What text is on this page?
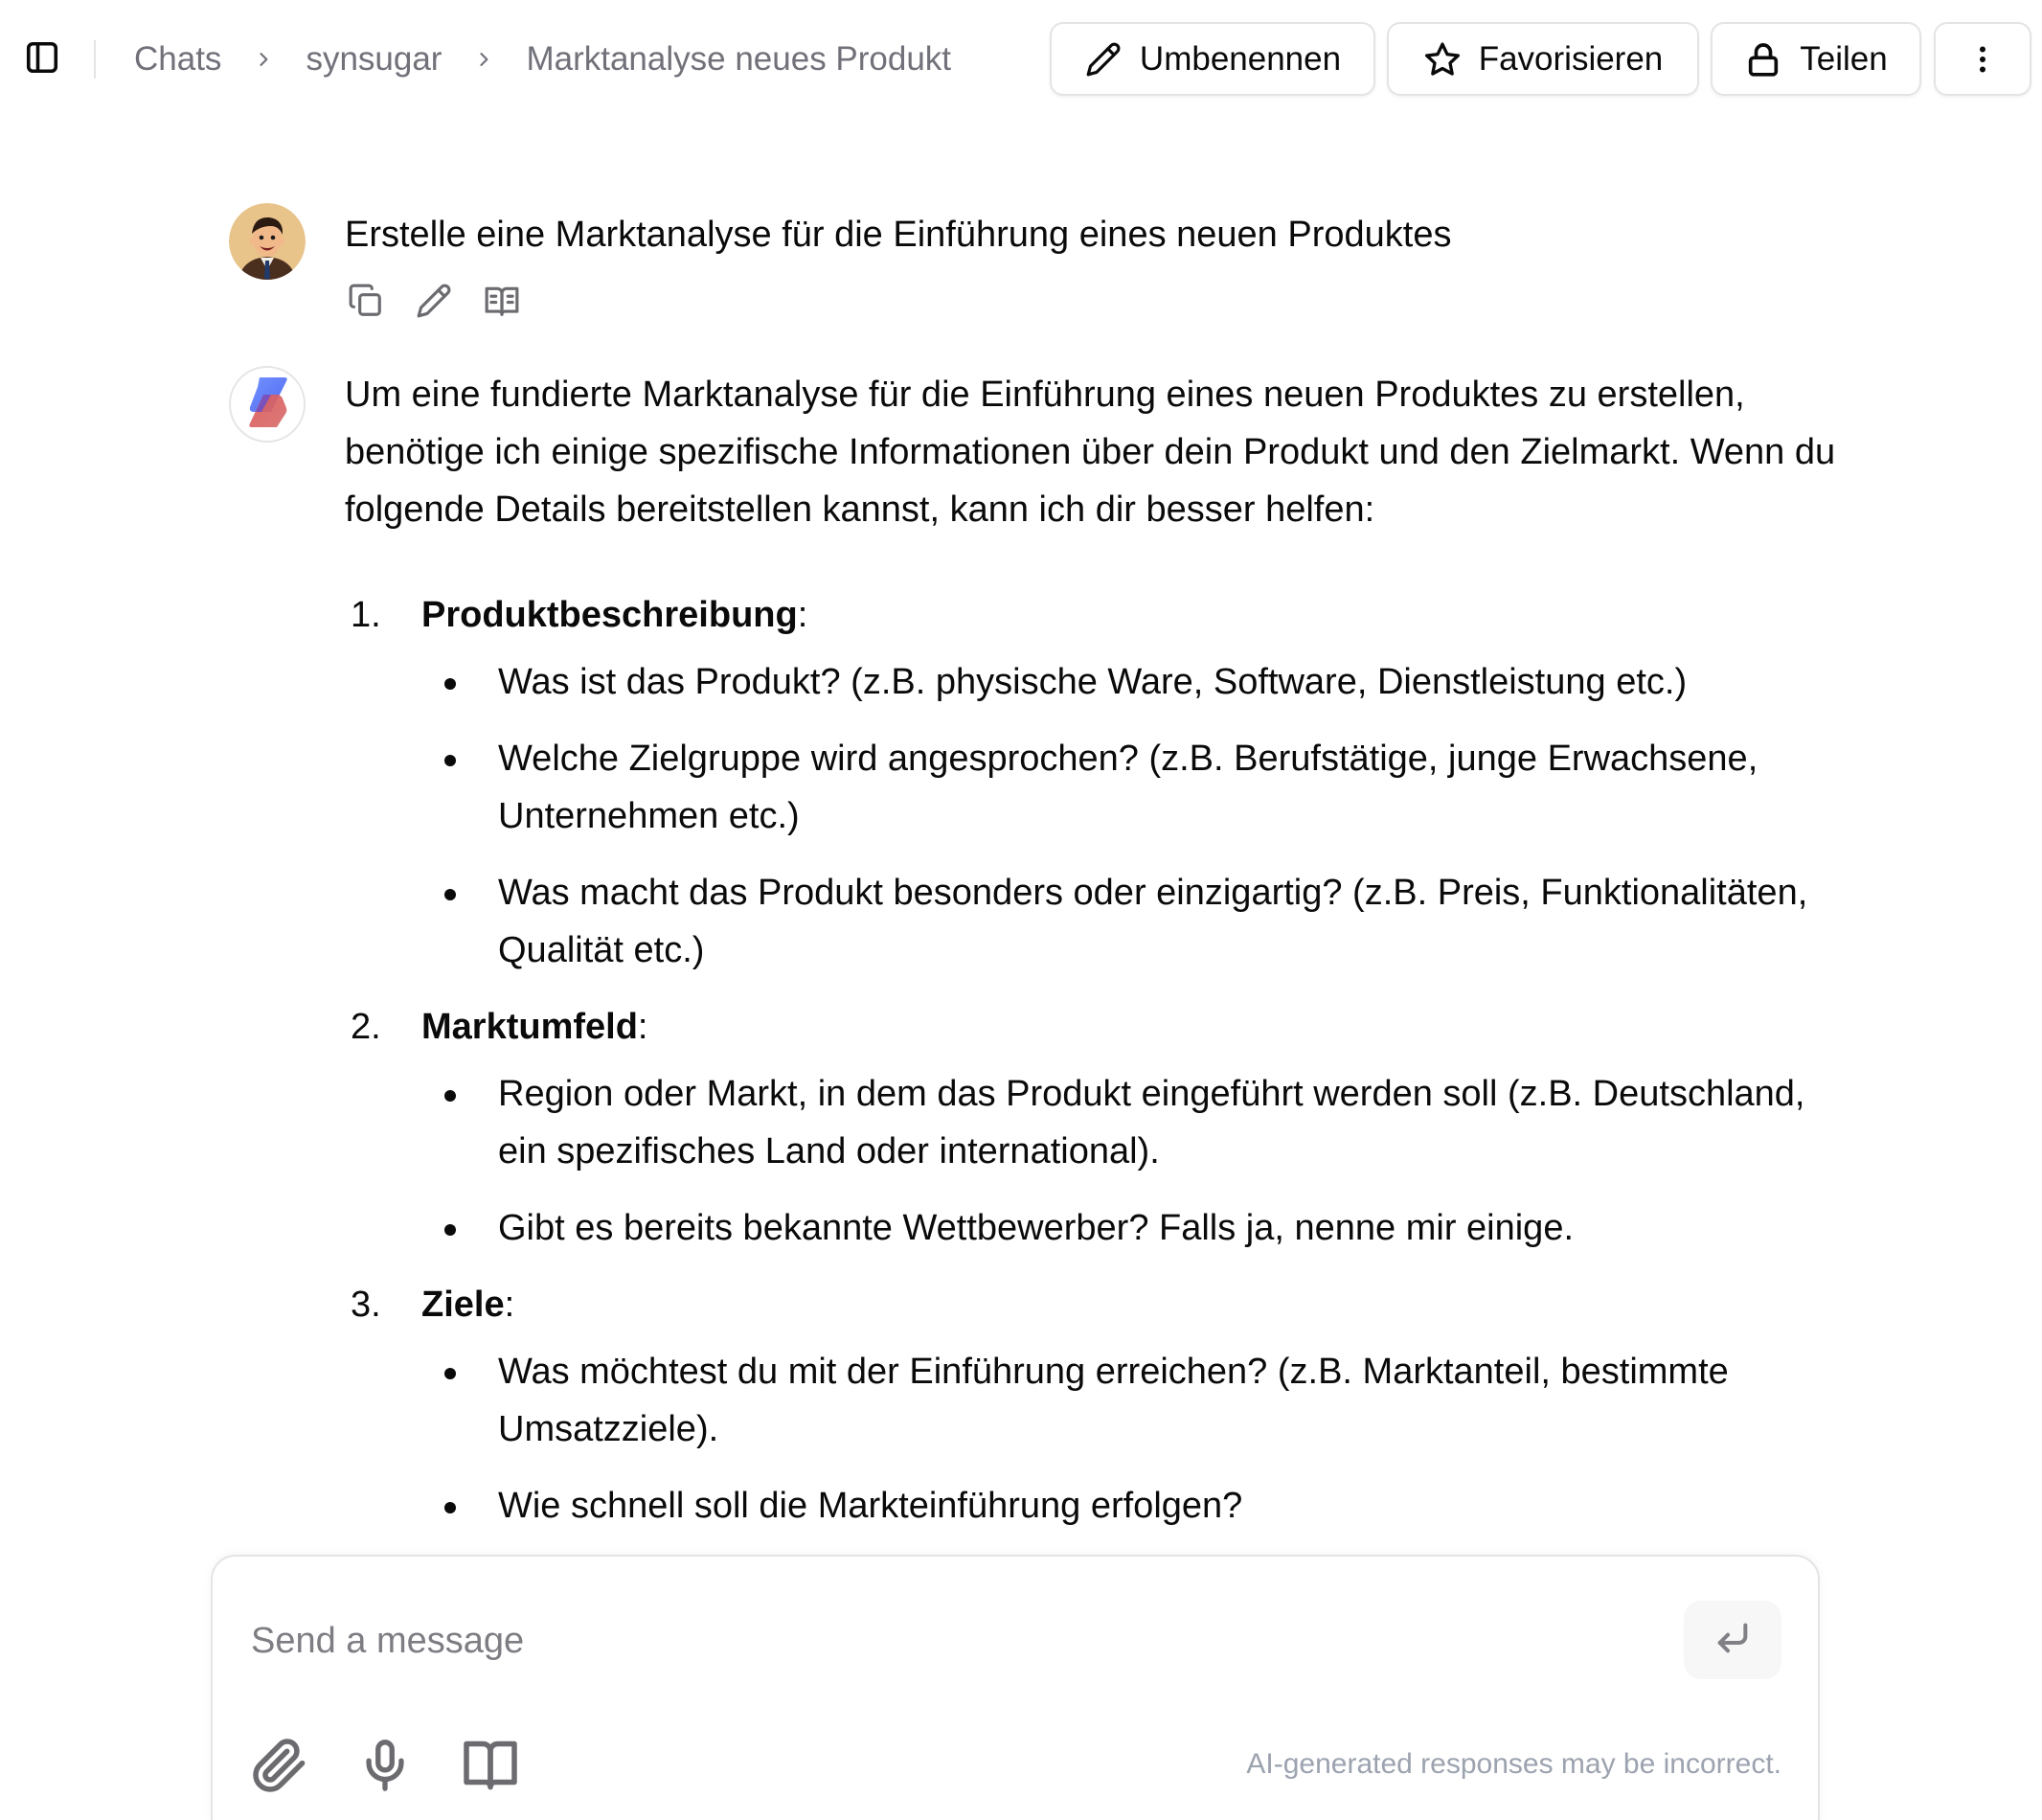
Chats	synsugar	Marktanalyse neues Produkt	Umbenennen	Favorisieren	Teilen
Erstelle eine Marktanalyse für die Einführung eines neuen Produktes

Um eine fundierte Marktanalyse für die Einführung eines neuen Produktes zu erstellen, benötige ich einige spezifische Informationen über dein Produkt und den Zielmarkt. Wenn du folgende Details bereitstellen kannst, kann ich dir besser helfen:

1. Produktbeschreibung:
Was ist das Produkt? (z.B. physische Ware, Software, Dienstleistung etc.)
Welche Zielgruppe wird angesprochen? (z.B. Berufstätige, junge Erwachsene, Unternehmen etc.)
Was macht das Produkt besonders oder einzigartig? (z.B. Preis, Funktionalitäten, Qualität etc.)
2. Marktumfeld:
Region oder Markt, in dem das Produkt eingeführt werden soll (z.B. Deutschland, ein spezifisches Land oder international).
Gibt es bereits bekannte Wettbewerber? Falls ja, nenne mir einige.
3. Ziele:
Was möchtest du mit der Einführung erreichen? (z.B. Marktanteil, bestimmte Umsatzziele).
Wie schnell soll die Markteinführung erfolgen?
Send a message
AI-generated responses may be incorrect.
